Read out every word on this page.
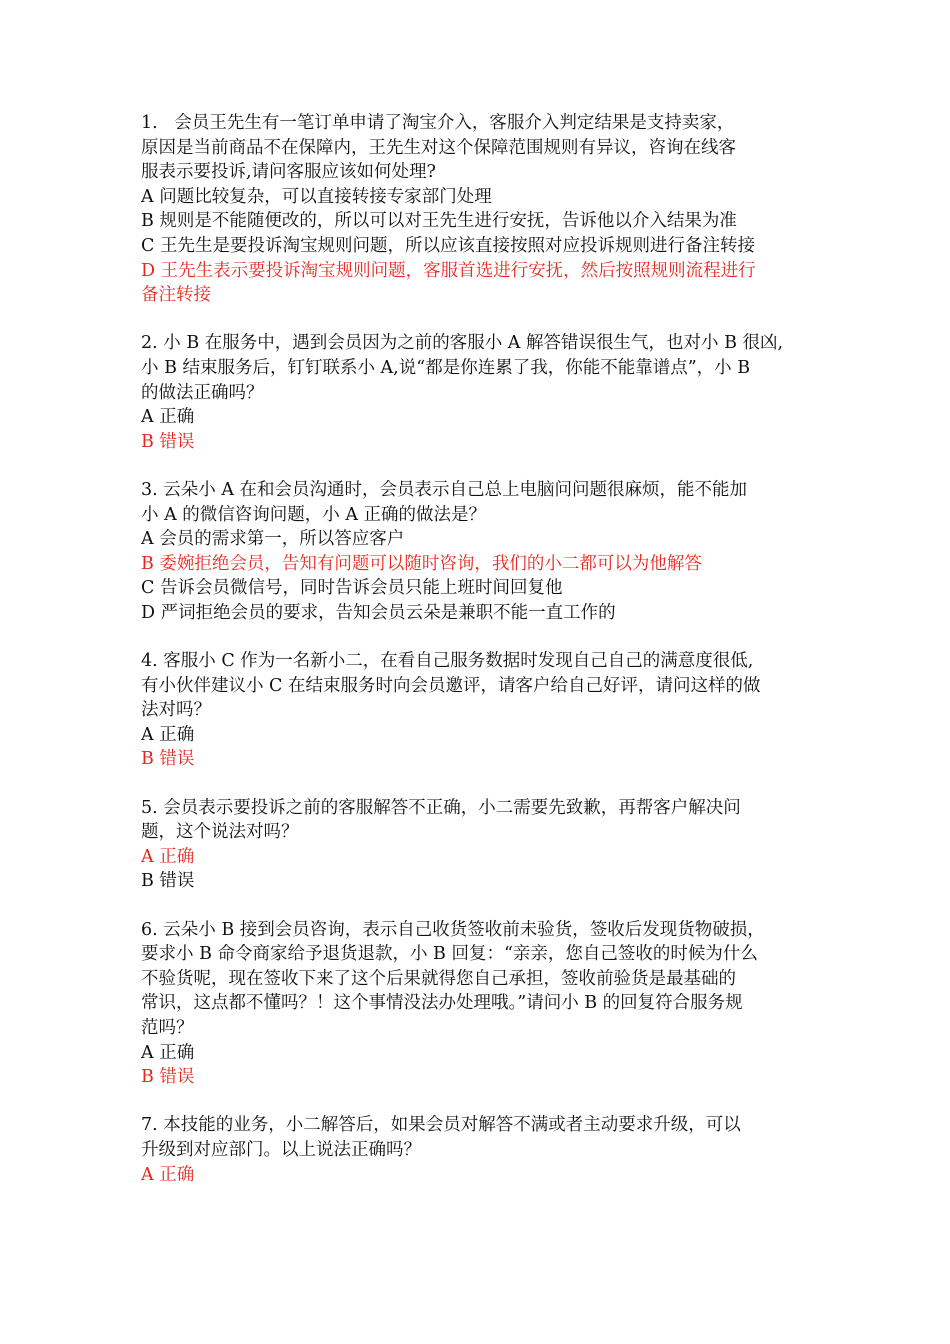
1.   会员王先生有一笔订单申请了淘宝介入，客服介入判定结果是支持卖家，
原因是当前商品不在保障内，王先生对这个保障范围规则有异议，咨询在线客
服表示要投诉,请问客服应该如何处理?
A 问题比较复杂，可以直接转接专家部门处理
B 规则是不能随便改的，所以可以对王先生进行安抚，告诉他以介入结果为准
C 王先生是要投诉淘宝规则问题，所以应该直接按照对应投诉规则进行备注转接
D 王先生表示要投诉淘宝规则问题，客服首选进行安抚，然后按照规则流程进行
备注转接
2. 小 B 在服务中，遇到会员因为之前的客服小 A 解答错误很生气，也对小 B 很凶,
小 B 结束服务后，钉钉联系小 A,说“都是你连累了我，你能不能靠谱点”，小 B
的做法正确吗？
A 正确
B 错误
3. 云朵小 A 在和会员沟通时，会员表示自己总上电脑问问题很麻烦，能不能加
小 A 的微信咨询问题，小 A 正确的做法是？
A 会员的需求第一，所以答应客户
B 委婉拒绝会员，告知有问题可以随时咨询，我们的小二都可以为他解答
C 告诉会员微信号，同时告诉会员只能上班时间回复他
D 严词拒绝会员的要求，告知会员云朵是兼职不能一直工作的
4. 客服小 C 作为一名新小二，在看自己服务数据时发现自己自己的满意度很低,
有小伙伴建议小 C 在结束服务时向会员邀评，请客户给自己好评，请问这样的做
法对吗？
A 正确
B 错误
5. 会员表示要投诉之前的客服解答不正确，小二需要先致歉，再帮客户解决问
题，这个说法对吗？
A 正确
B 错误
6. 云朵小 B 接到会员咨询，表示自己收货签收前未验货，签收后发现货物破损，
要求小 B 命令商家给予退货退款，小 B 回复：“亲亲，您自己签收的时候为什么
不验货呢，现在签收下来了这个后果就得您自己承担，签收前验货是最基础的
常识，这点都不懂吗？！这个事情没法办处理哦。”请问小 B 的回复符合服务规
范吗？
A 正确
B 错误
7. 本技能的业务，小二解答后，如果会员对解答不满或者主动要求升级，可以
升级到对应部门。以上说法正确吗？
A 正确
